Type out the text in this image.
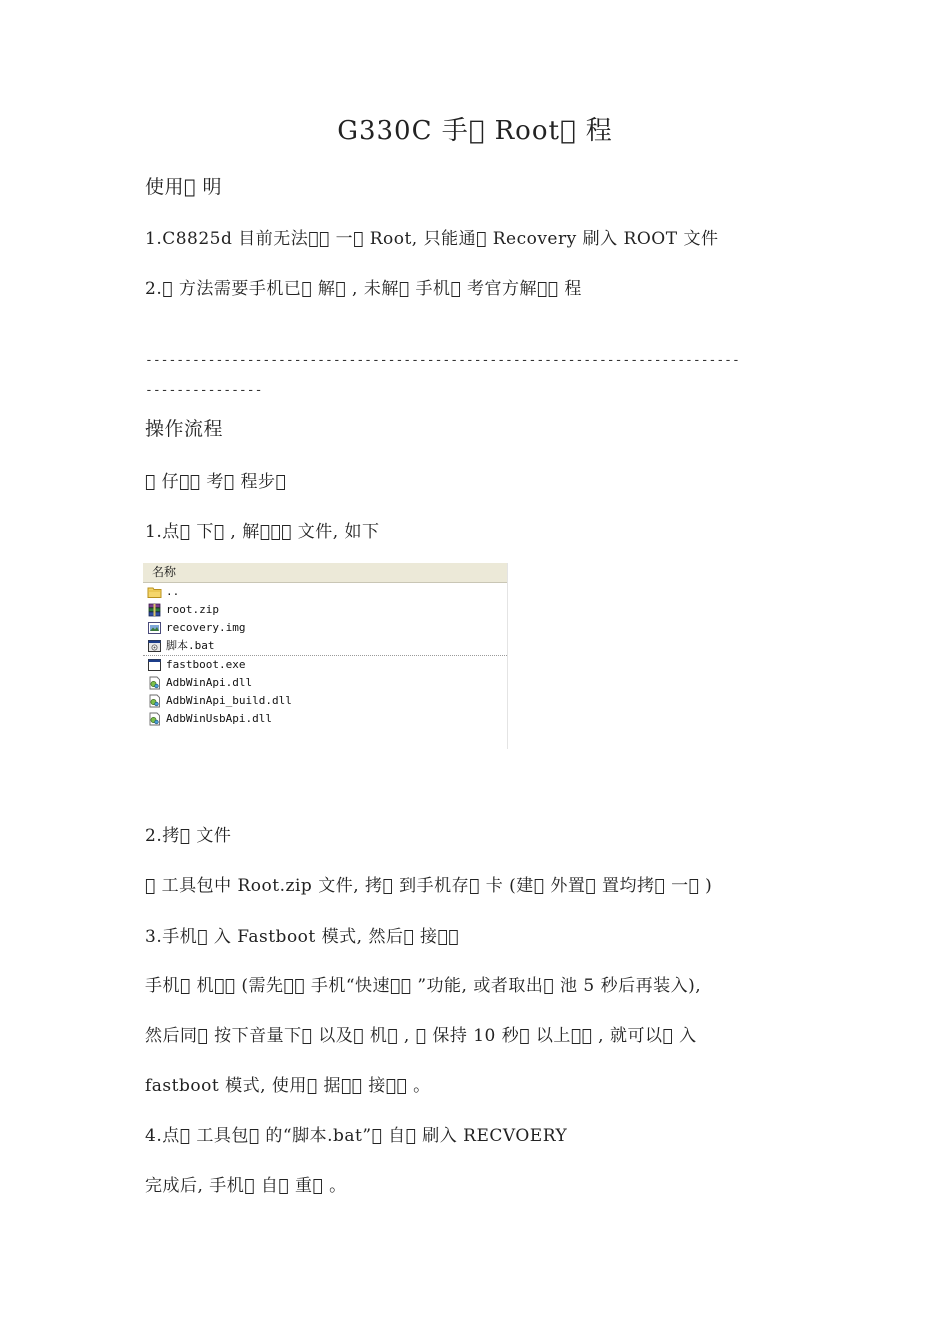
G330C 手  Root  程
使用  明
1.C8825d 目前无法   一  Root, 只能通  Recovery 刷入 ROOT 文件
2.  方法需要手机已  解  , 未解  手机  考官方解   程
----------------------------------------------------------------------------
---------------
操作流程
  仔   考  程步 
1.点  下  , 解    文件, 如下
名称
..
root.zip
recovery.img
脚本.bat
fastboot.exe
AdbWinApi.dll
AdbWinApi_build.dll
AdbWinUsbApi.dll
2.拷  文件
  工具包中 Root.zip 文件, 拷  到手机存  卡 (建  外置  置均拷  一  )
3.手机  入 Fastboot 模式, 然后  接  
手机  机   (需先   手机“快速   ”功能, 或者取出  池 5 秒后再装入),
然后同  按下音量下  以及  机  ,   保持 10 秒  以上   , 就可以  入
fastboot 模式, 使用  据   接   。
4.点  工具包  的“脚本.bat”  自  刷入 RECVOERY
完成后, 手机  自  重  。
